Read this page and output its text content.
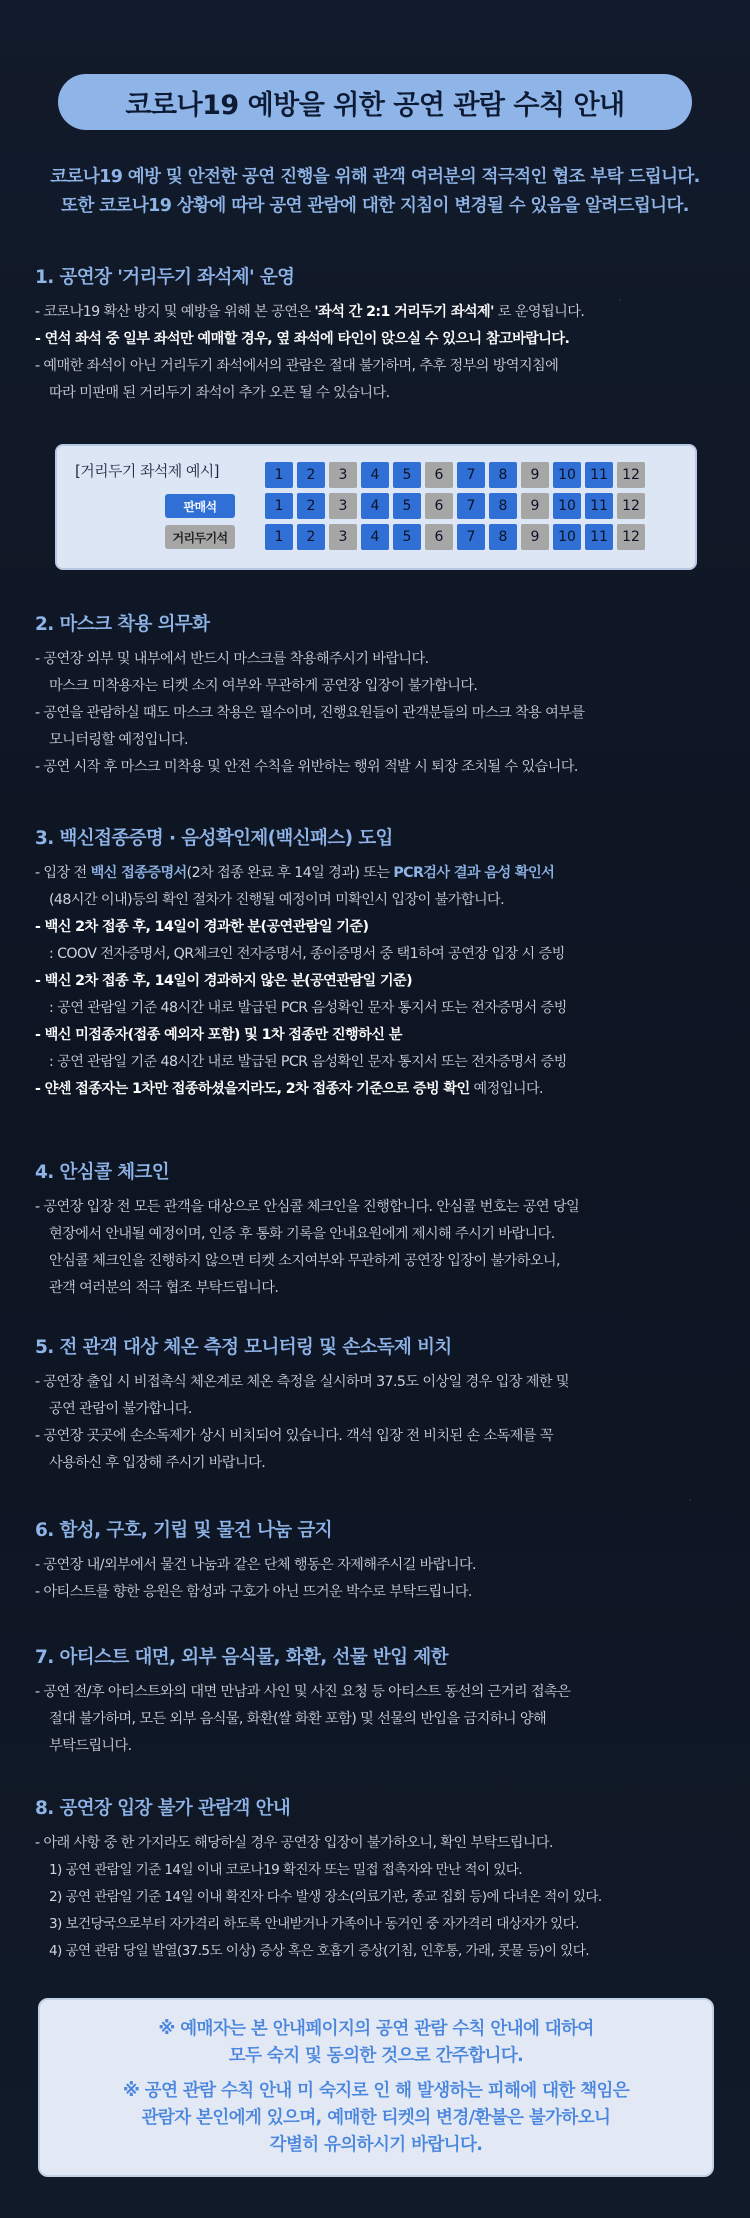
코로나19 예방을 위한 공연 관람 수칙 안내
코로나19 예방 및 안전한 공연 진행을 위해 관객 여러분의 적극적인 협조 부탁 드립니다.
또한 코로나19 상황에 따라 공연 관람에 대한 지침이 변경될 수 있음을 알려드립니다.
1. 공연장 '거리두기 좌석제' 운영

- 코로나19 확산 방지 및 예방을 위해 본 공연은 '좌석 간 2:1 거리두기 좌석제' 로 운영됩니다.

- 연석 좌석 중 일부 좌석만 예매할 경우, 옆 좌석에 타인이 앉으실 수 있으니 참고바랍니다.

- 예매한 좌석이 아닌 거리두기 좌석에서의 관람은 절대 불가하며, 추후 정부의 방역지침에

따라 미판매 된 거리두기 좌석이 추가 오픈 될 수 있습니다.

[거리두기 좌석제 예시]	1	2	3	4	5	6	7	8	9	10	11	12
판매석	1	2	3	4	5	6	7	8	9	10	11	12
거리두기석	1	2	3	4	5	6	7	8	9	10	11	12
2. 마스크 착용 의무화

- 공연장 외부 및 내부에서 반드시 마스크를 착용해주시기 바랍니다.

마스크 미착용자는 티켓 소지 여부와 무관하게 공연장 입장이 불가합니다.

- 공연을 관람하실 때도 마스크 착용은 필수이며, 진행요원들이 관객분들의 마스크 착용 여부를

모니터링할 예정입니다.

- 공연 시작 후 마스크 미착용 및 안전 수칙을 위반하는 행위 적발 시 퇴장 조치될 수 있습니다.

3. 백신접종증명 · 음성확인제(백신패스) 도입

- 입장 전 백신 접종증명서(2차 접종 완료 후 14일 경과) 또는 PCR검사 결과 음성 확인서

(48시간 이내)등의 확인 절차가 진행될 예정이며 미확인시 입장이 불가합니다.

- 백신 2차 접종 후, 14일이 경과한 분(공연관람일 기준)

: COOV 전자증명서, QR체크인 전자증명서, 종이증명서 중 택1하여 공연장 입장 시 증빙

- 백신 2차 접종 후, 14일이 경과하지 않은 분(공연관람일 기준)

: 공연 관람일 기준 48시간 내로 발급된 PCR 음성확인 문자 통지서 또는 전자증명서 증빙

- 백신 미접종자(접종 예외자 포함) 및 1차 접종만 진행하신 분

: 공연 관람일 기준 48시간 내로 발급된 PCR 음성확인 문자 통지서 또는 전자증명서 증빙

- 얀센 접종자는 1차만 접종하셨을지라도, 2차 접종자 기준으로 증빙 확인 예정입니다.

4. 안심콜 체크인

- 공연장 입장 전 모든 관객을 대상으로 안심콜 체크인을 진행합니다. 안심콜 번호는 공연 당일

현장에서 안내될 예정이며, 인증 후 통화 기록을 안내요원에게 제시해 주시기 바랍니다.

안심콜 체크인을 진행하지 않으면 티켓 소지여부와 무관하게 공연장 입장이 불가하오니,

관객 여러분의 적극 협조 부탁드립니다.

5. 전 관객 대상 체온 측정 모니터링 및 손소독제 비치

- 공연장 출입 시 비접촉식 체온계로 체온 측정을 실시하며 37.5도 이상일 경우 입장 제한 및

공연 관람이 불가합니다.

- 공연장 곳곳에 손소독제가 상시 비치되어 있습니다. 객석 입장 전 비치된 손 소독제를 꼭

사용하신 후 입장해 주시기 바랍니다.

6. 함성, 구호, 기립 및 물건 나눔 금지

- 공연장 내/외부에서 물건 나눔과 같은 단체 행동은 자제해주시길 바랍니다.

- 아티스트를 향한 응원은 함성과 구호가 아닌 뜨거운 박수로 부탁드립니다.

7. 아티스트 대면, 외부 음식물, 화환, 선물 반입 제한

- 공연 전/후 아티스트와의 대면 만남과 사인 및 사진 요청 등 아티스트 동선의 근거리 접촉은

절대 불가하며, 모든 외부 음식물, 화환(쌀 화환 포함) 및 선물의 반입을 금지하니 양해

부탁드립니다.

8. 공연장 입장 불가 관람객 안내

- 아래 사항 중 한 가지라도 해당하실 경우 공연장 입장이 불가하오니, 확인 부탁드립니다.

1) 공연 관람일 기준 14일 이내 코로나19 확진자 또는 밀접 접촉자와 만난 적이 있다.

2) 공연 관람일 기준 14일 이내 확진자 다수 발생 장소(의료기관, 종교 집회 등)에 다녀온 적이 있다.

3) 보건당국으로부터 자가격리 하도록 안내받거나 가족이나 동거인 중 자가격리 대상자가 있다.

4) 공연 관람 당일 발열(37.5도 이상) 증상 혹은 호흡기 증상(기침, 인후통, 가래, 콧물 등)이 있다.

※ 예매자는 본 안내페이지의 공연 관람 수칙 안내에 대하여
모두 숙지 및 동의한 것으로 간주합니다.
※ 공연 관람 수칙 안내 미 숙지로 인 해 발생하는 피해에 대한 책임은
관람자 본인에게 있으며, 예매한 티켓의 변경/환불은 불가하오니
각별히 유의하시기 바랍니다.
